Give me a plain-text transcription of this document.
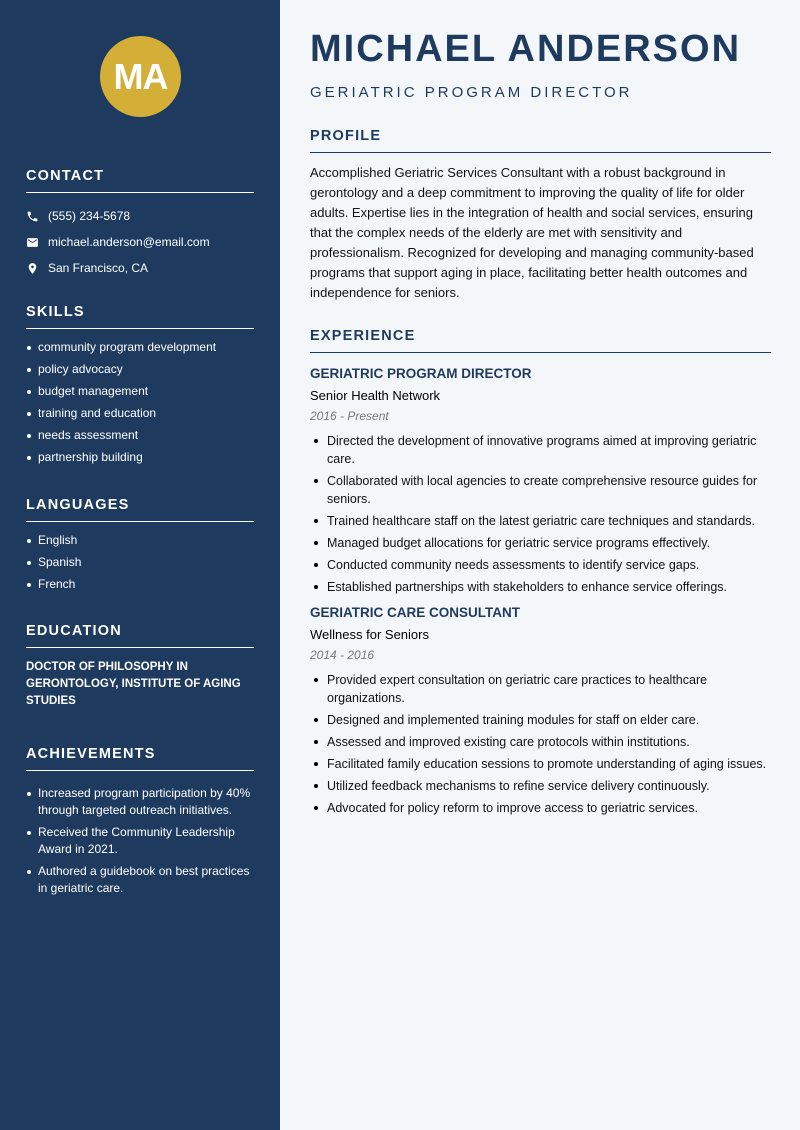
MA
CONTACT
(555) 234-5678
michael.anderson@email.com
San Francisco, CA
SKILLS
community program development
policy advocacy
budget management
training and education
needs assessment
partnership building
LANGUAGES
English
Spanish
French
EDUCATION
DOCTOR OF PHILOSOPHY IN GERONTOLOGY, INSTITUTE OF AGING STUDIES
ACHIEVEMENTS
Increased program participation by 40% through targeted outreach initiatives.
Received the Community Leadership Award in 2021.
Authored a guidebook on best practices in geriatric care.
MICHAEL ANDERSON
GERIATRIC PROGRAM DIRECTOR
PROFILE

Accomplished Geriatric Services Consultant with a robust background in gerontology and a deep commitment to improving the quality of life for older adults. Expertise lies in the integration of health and social services, ensuring that the complex needs of the elderly are met with sensitivity and professionalism. Recognized for developing and managing community-based programs that support aging in place, facilitating better health outcomes and independence for seniors.

EXPERIENCE
GERIATRIC PROGRAM DIRECTOR
Senior Health Network
2016 - Present
Directed the development of innovative programs aimed at improving geriatric care.
Collaborated with local agencies to create comprehensive resource guides for seniors.
Trained healthcare staff on the latest geriatric care techniques and standards.
Managed budget allocations for geriatric service programs effectively.
Conducted community needs assessments to identify service gaps.
Established partnerships with stakeholders to enhance service offerings.
GERIATRIC CARE CONSULTANT
Wellness for Seniors
2014 - 2016
Provided expert consultation on geriatric care practices to healthcare organizations.
Designed and implemented training modules for staff on elder care.
Assessed and improved existing care protocols within institutions.
Facilitated family education sessions to promote understanding of aging issues.
Utilized feedback mechanisms to refine service delivery continuously.
Advocated for policy reform to improve access to geriatric services.
